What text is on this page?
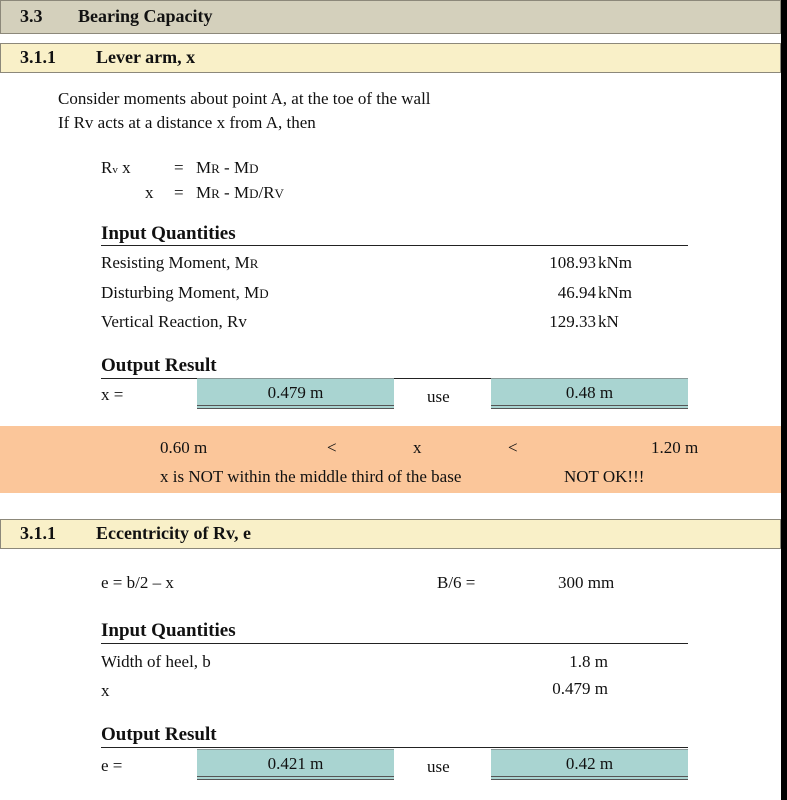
3.3 Bearing Capacity
3.1.1 Lever arm, x
Consider moments about point A, at the toe of the wall
If Rv acts at a distance x from A, then
Rv x	= MR - MD
x = MR - MD/RV
Input Quantities
Resisting Moment, MR	108.93 kNm
Disturbing Moment, MD	46.94 kNm
Vertical Reaction, Rv	129.33 kN
Output Result
x =	0.479 m	use	0.48 m
0.60 m	<	x	<	1.20 m
x is NOT within the middle third of the base	NOT OK!!!
3.1.1 Eccentricity of Rv, e
e = b/2 – x	B/6 =	300 mm
Input Quantities
Width of heel, b	1.8 m
x	0.479 m
Output Result
e =	0.421 m	use	0.42 m
